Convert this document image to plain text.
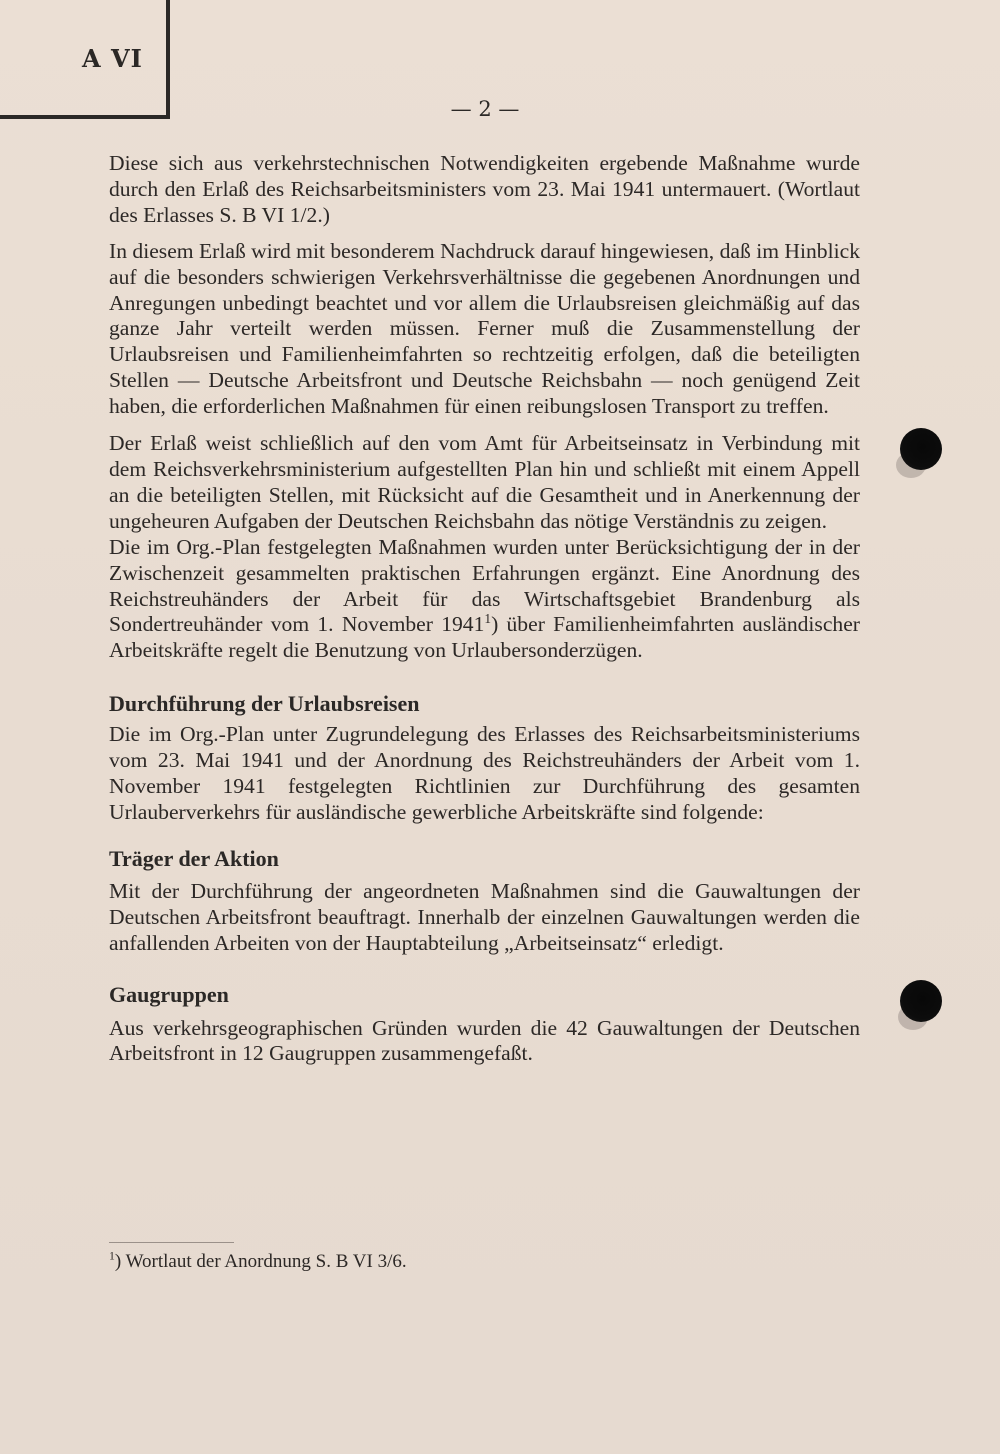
A VI
— 2 —

Diese sich aus verkehrstechnischen Notwendigkeiten ergebende Maßnahme wurde durch den Erlaß des Reichsarbeitsministers vom 23. Mai 1941 untermauert. (Wortlaut des Erlasses S. B VI 1/2.)

In diesem Erlaß wird mit besonderem Nachdruck darauf hingewiesen, daß im Hinblick auf die besonders schwierigen Verkehrsverhältnisse die gegebenen Anordnungen und Anregungen unbedingt beachtet und vor allem die Urlaubsreisen gleichmäßig auf das ganze Jahr verteilt werden müssen. Ferner muß die Zusammenstellung der Urlaubsreisen und Familienheimfahrten so rechtzeitig erfolgen, daß die beteiligten Stellen — Deutsche Arbeitsfront und Deutsche Reichsbahn — noch genügend Zeit haben, die erforderlichen Maßnahmen für einen reibungslosen Transport zu treffen.

Der Erlaß weist schließlich auf den vom Amt für Arbeitseinsatz in Verbindung mit dem Reichsverkehrsministerium aufgestellten Plan hin und schließt mit einem Appell an die beteiligten Stellen, mit Rücksicht auf die Gesamtheit und in Anerkennung der ungeheuren Aufgaben der Deutschen Reichsbahn das nötige Verständnis zu zeigen.

Die im Org.-Plan festgelegten Maßnahmen wurden unter Berücksichtigung der in der Zwischenzeit gesammelten praktischen Erfahrungen ergänzt. Eine Anordnung des Reichstreuhänders der Arbeit für das Wirtschaftsgebiet Brandenburg als Sondertreuhänder vom 1. November 1941$^1$) über Familienheimfahrten ausländischer Arbeitskräfte regelt die Benutzung von Urlaubersonderzügen.

Durchführung der Urlaubsreisen

Die im Org.-Plan unter Zugrundelegung des Erlasses des Reichsarbeitsministeriums vom 23. Mai 1941 und der Anordnung des Reichstreuhänders der Arbeit vom 1. November 1941 festgelegten Richtlinien zur Durchführung des gesamten Urlauberverkehrs für ausländische gewerbliche Arbeitskräfte sind folgende:

Träger der Aktion

Mit der Durchführung der angeordneten Maßnahmen sind die Gauwaltungen der Deutschen Arbeitsfront beauftragt. Innerhalb der einzelnen Gauwaltungen werden die anfallenden Arbeiten von der Hauptabteilung „Arbeitseinsatz“ erledigt.

Gaugruppen

Aus verkehrsgeographischen Gründen wurden die 42 Gauwaltungen der Deutschen Arbeitsfront in 12 Gaugruppen zusammengefaßt.

$^1$) Wortlaut der Anordnung S. B VI 3/6.
